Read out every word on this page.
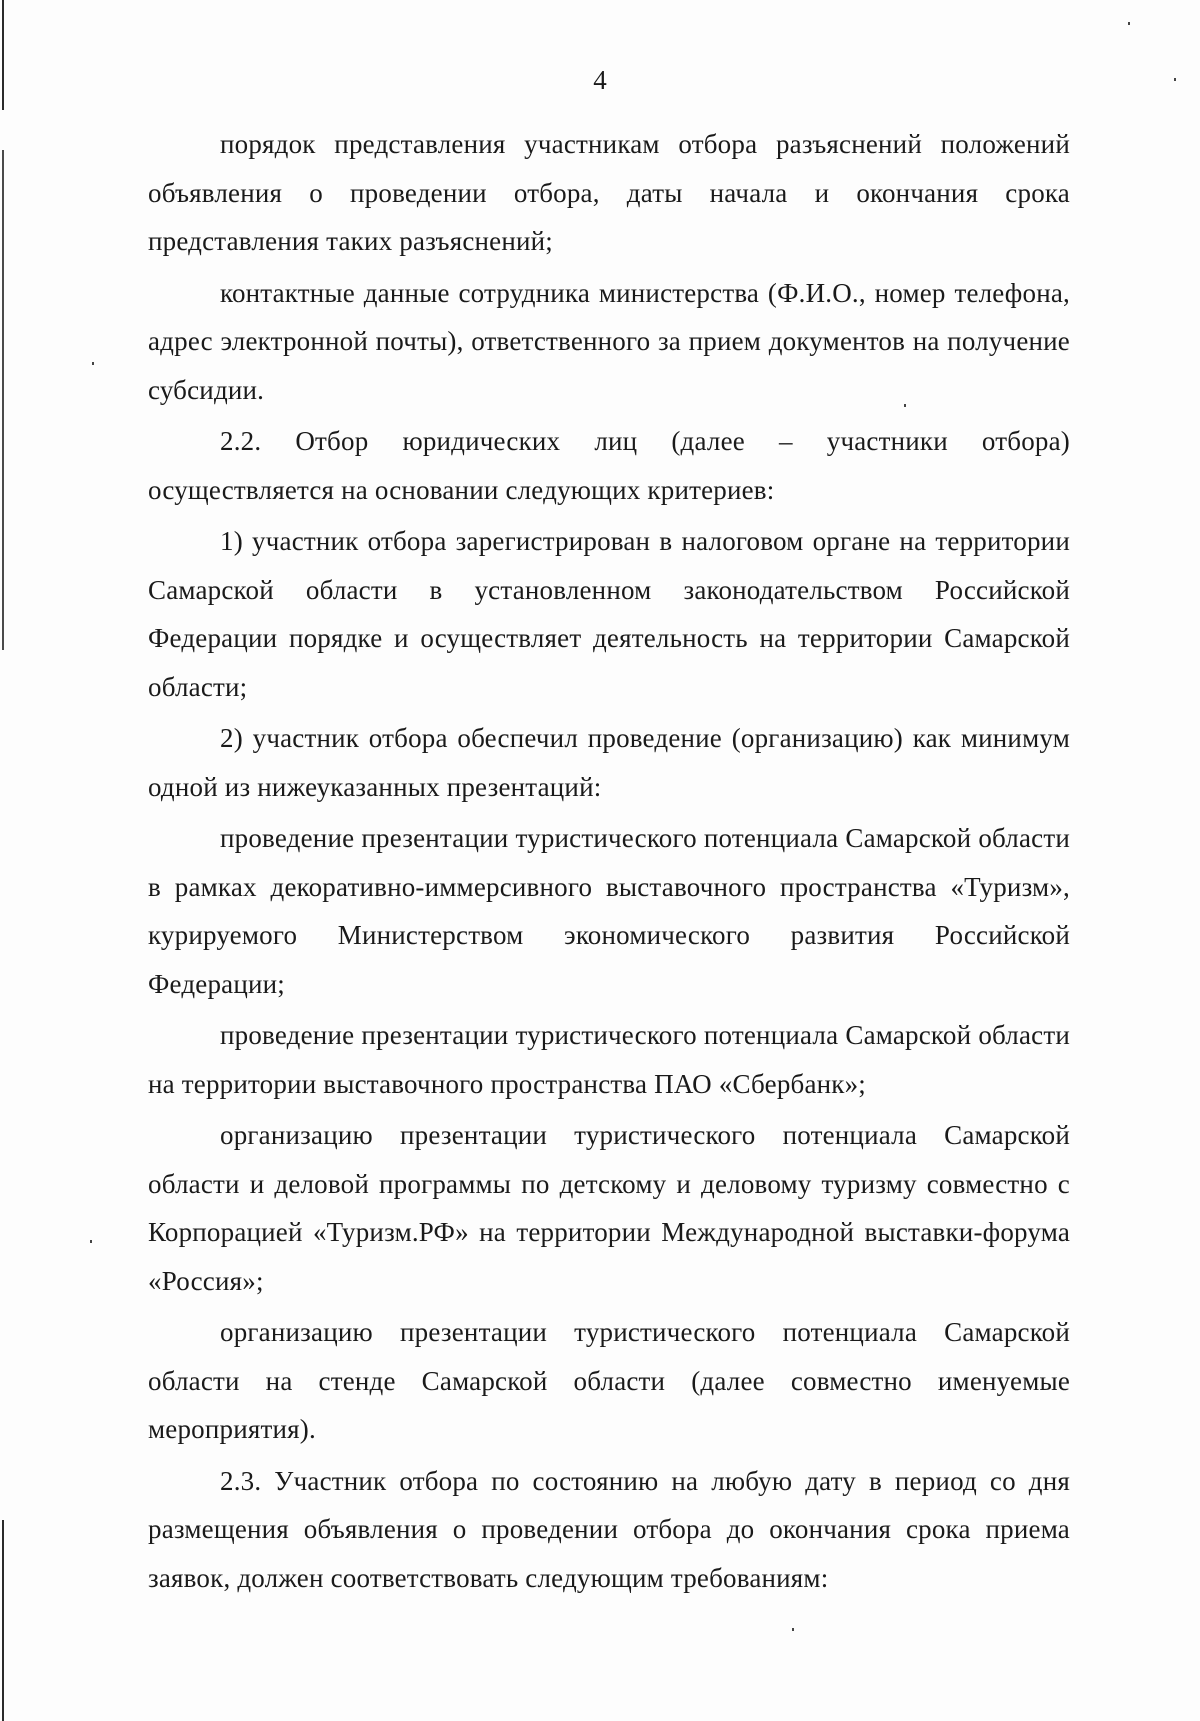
4

порядок представления участникам отбора разъяснений положений объявления о проведении отбора, даты начала и окончания срока представления таких разъяснений;

контактные данные сотрудника министерства (Ф.И.О., номер телефона, адрес электронной почты), ответственного за прием документов на получение субсидии.

2.2. Отбор юридических лиц (далее – участники отбора) осуществляется на основании следующих критериев:

1) участник отбора зарегистрирован в налоговом органе на территории Самарской области в установленном законодательством Российской Федерации порядке и осуществляет деятельность на территории Самарской области;

2) участник отбора обеспечил проведение (организацию) как минимум одной из нижеуказанных презентаций:

проведение презентации туристического потенциала Самарской области в рамках декоративно-иммерсивного выставочного пространства «Туризм», курируемого Министерством экономического развития Российской Федерации;

проведение презентации туристического потенциала Самарской области на территории выставочного пространства ПАО «Сбербанк»;

организацию презентации туристического потенциала Самарской области и деловой программы по детскому и деловому туризму совместно с Корпорацией «Туризм.РФ» на территории Международной выставки-форума «Россия»;

организацию презентации туристического потенциала Самарской области на стенде Самарской области (далее совместно именуемые мероприятия).

2.3. Участник отбора по состоянию на любую дату в период со дня размещения объявления о проведении отбора до окончания срока приема заявок, должен соответствовать следующим требованиям:
